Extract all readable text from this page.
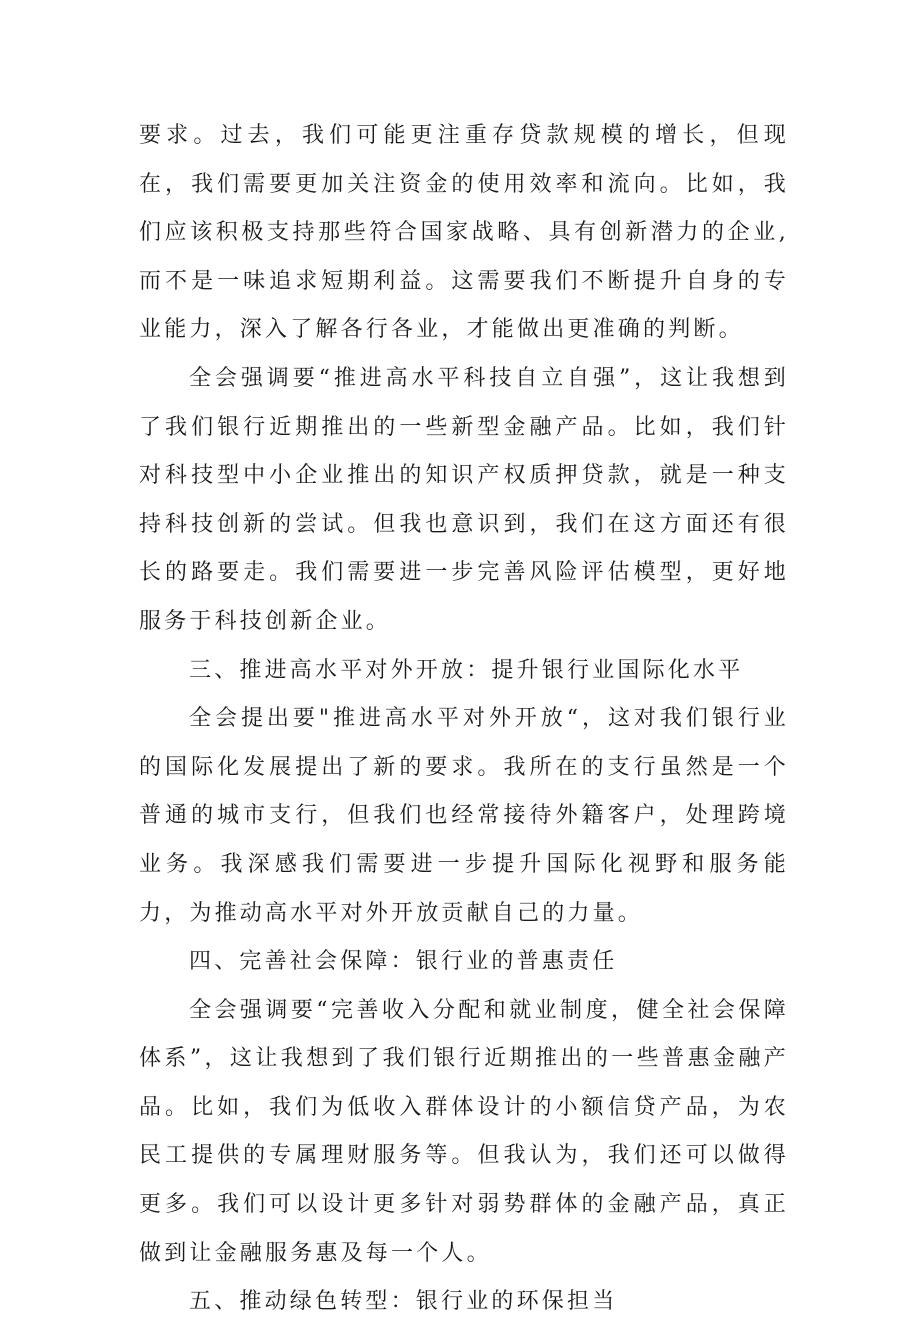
要求。过去，我们可能更注重存贷款规模的增长，但现在，我们需要更加关注资金的使用效率和流向。比如，我们应该积极支持那些符合国家战略、具有创新潜力的企业,而不是一味追求短期利益。这需要我们不断提升自身的专业能力，深入了解各行各业，才能做出更准确的判断。

全会强调要“推进高水平科技自立自强”，这让我想到了我们银行近期推出的一些新型金融产品。比如，我们针对科技型中小企业推出的知识产权质押贷款，就是一种支持科技创新的尝试。但我也意识到，我们在这方面还有很长的路要走。我们需要进一步完善风险评估模型，更好地服务于科技创新企业。

三、推进高水平对外开放：提升银行业国际化水平

全会提出要"推进高水平对外开放“，这对我们银行业的国际化发展提出了新的要求。我所在的支行虽然是一个普通的城市支行，但我们也经常接待外籍客户，处理跨境业务。我深感我们需要进一步提升国际化视野和服务能力，为推动高水平对外开放贡献自己的力量。

四、完善社会保障：银行业的普惠责任

全会强调要“完善收入分配和就业制度，健全社会保障体系”，这让我想到了我们银行近期推出的一些普惠金融产品。比如，我们为低收入群体设计的小额信贷产品，为农民工提供的专属理财服务等。但我认为，我们还可以做得更多。我们可以设计更多针对弱势群体的金融产品，真正做到让金融服务惠及每一个人。

五、推动绿色转型：银行业的环保担当
